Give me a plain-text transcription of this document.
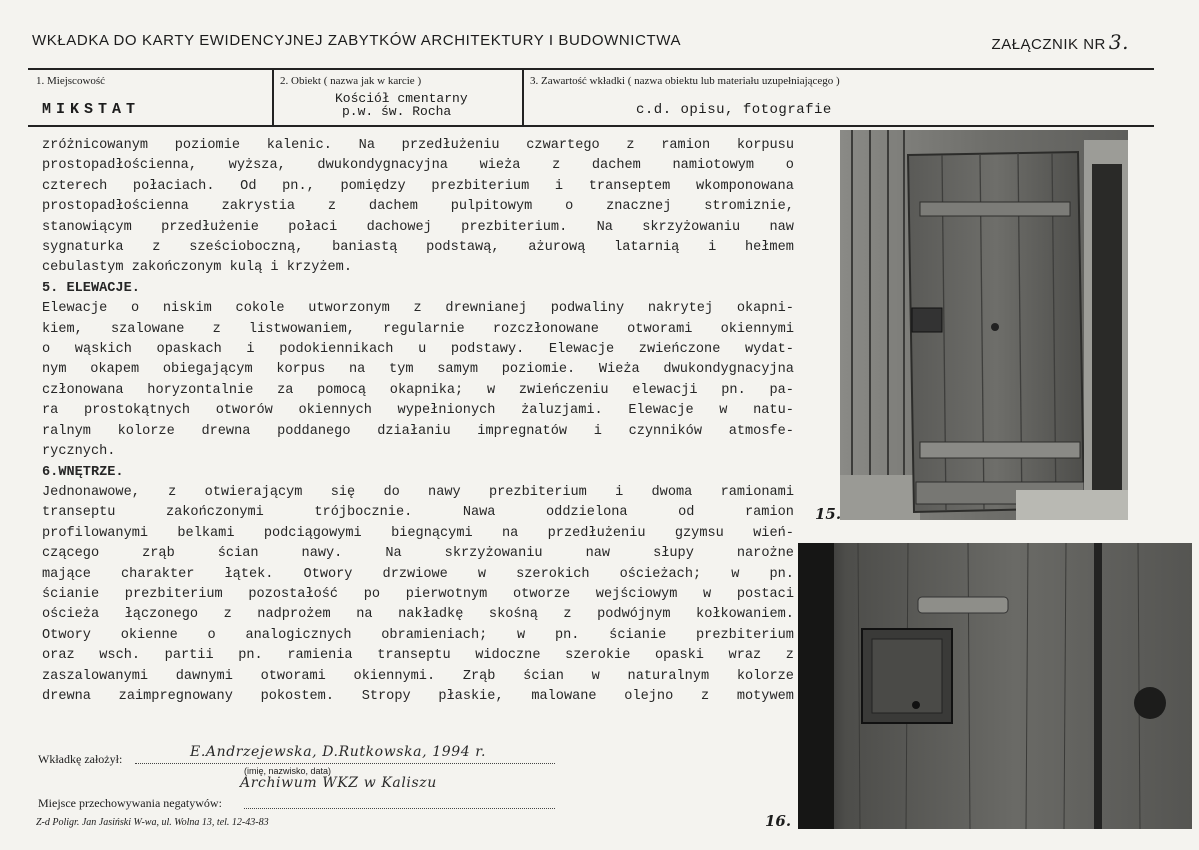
WKŁADKA DO KARTY EWIDENCYJNEJ ZABYTKÓW ARCHITEKTURY I BUDOWNICTWA	ZAŁĄCZNIK NR 3.
1. Miejscowość
MIKSTAT
2. Obiekt ( nazwa jak w karcie )
Kościół cmentarny
p.w. św. Rocha
3. Zawartość wkładki ( nazwa obiektu lub materiału uzupełniającego )
c.d. opisu, fotografie

zróżnicowanym poziomie kalenic. Na przedłużeniu czwartego z ramion korpusu

prostopadłościenna, wyższa, dwukondygnacyjna wieża z dachem namiotowym o

czterech połaciach. Od pn., pomiędzy prezbiterium i transeptem wkomponowana

prostopadłościenna zakrystia z dachem pulpitowym o znacznej stromiznie,

stanowiącym przedłużenie połaci dachowej prezbiterium. Na skrzyżowaniu naw

sygnaturka z sześcioboczną, baniastą podstawą, ażurową latarnią i hełmem

cebulastym zakończonym kulą i krzyżem.

5. ELEWACJE.

Elewacje o niskim cokole utworzonym z drewnianej podwaliny nakrytej okapni-

kiem, szalowane z listwowaniem, regularnie rozczłonowane otworami okiennymi

o wąskich opaskach i podokiennikach u podstawy. Elewacje zwieńczone wydat-

nym okapem obiegającym korpus na tym samym poziomie. Wieża dwukondygnacyjna

członowana horyzontalnie za pomocą okapnika; w zwieńczeniu elewacji pn. pa-

ra prostokątnych otworów okiennych wypełnionych żaluzjami. Elewacje w natu-

ralnym kolorze drewna poddanego działaniu impregnatów i czynników atmosfe-

rycznych.

6.WNĘTRZE.

Jednonawowe, z otwierającym się do nawy prezbiterium i dwoma ramionami

transeptu	zakończonymi	trójbocznie.	Nawa	oddzielona	od	ramion

profilowanymi belkami podciągowymi biegnącymi na przedłużeniu gzymsu wień-

czącego	zrąb	ścian	nawy.	Na	skrzyżowaniu	naw	słupy	narożne

mające charakter łątek. Otwory drzwiowe w szerokich ościeżach; w pn.

ścianie prezbiterium pozostałość po pierwotnym otworze wejściowym w postaci

ościeża łączonego z nadprożem na nakładkę skośną z podwójnym kołkowaniem.

Otwory okienne o analogicznych obramieniach; w pn. ścianie prezbiterium

oraz wsch. partii pn. ramienia transeptu widoczne szerokie opaski wraz z

zaszalowanymi dawnymi otworami okiennymi. Zrąb ścian w naturalnym kolorze

drewna zaimpregnowany pokostem. Stropy płaskie, malowane olejno z motywem

15.
16.
Wkładkę założył:	E.Andrzejewska, D.Rutkowska, 1994 r.
(imię, nazwisko, data)
Archiwum WKZ w Kaliszu
Miejsce przechowywania negatywów:
Z-d Poligr. Jan Jasiński W-wa, ul. Wolna 13, tel. 12-43-83
